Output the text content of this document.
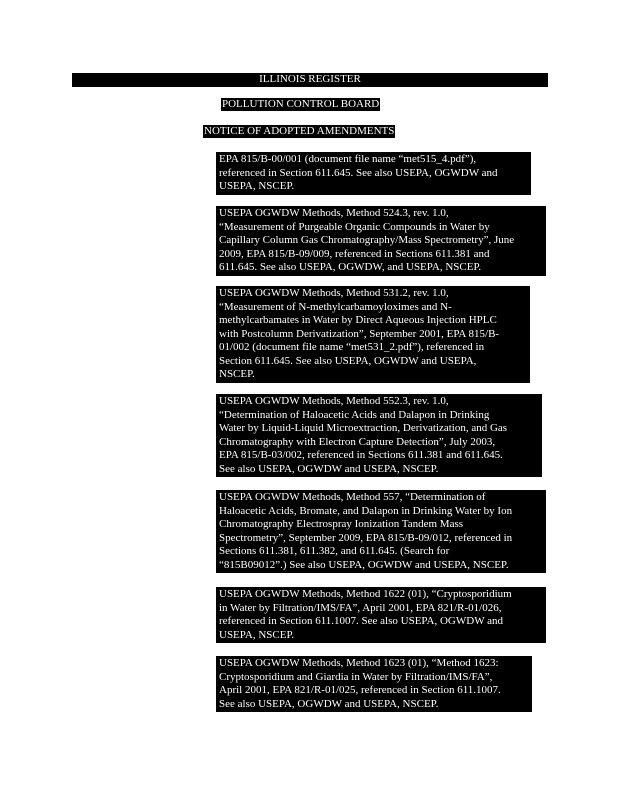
ILLINOIS REGISTER
POLLUTION CONTROL BOARD
NOTICE OF ADOPTED AMENDMENTS
EPA 815/B-00/001 (document file name “met515_4.pdf”),
referenced in Section 611.645. See also USEPA, OGWDW and
USEPA, NSCEP.
USEPA OGWDW Methods, Method 524.3, rev. 1.0,
“Measurement of Purgeable Organic Compounds in Water by
Capillary Column Gas Chromatography/Mass Spectrometry”, June
2009, EPA 815/B-09/009, referenced in Sections 611.381 and
611.645. See also USEPA, OGWDW, and USEPA, NSCEP.
USEPA OGWDW Methods, Method 531.2, rev. 1.0,
“Measurement of N-methylcarbamoyloximes and N-
methylcarbamates in Water by Direct Aqueous Injection HPLC
with Postcolumn Derivatization”, September 2001, EPA 815/B-
01/002 (document file name “met531_2.pdf”), referenced in
Section 611.645. See also USEPA, OGWDW and USEPA,
NSCEP.
USEPA OGWDW Methods, Method 552.3, rev. 1.0,
“Determination of Haloacetic Acids and Dalapon in Drinking
Water by Liquid-Liquid Microextraction, Derivatization, and Gas
Chromatography with Electron Capture Detection”, July 2003,
EPA 815/B-03/002, referenced in Sections 611.381 and 611.645.
See also USEPA, OGWDW and USEPA, NSCEP.
USEPA OGWDW Methods, Method 557, “Determination of
Haloacetic Acids, Bromate, and Dalapon in Drinking Water by Ion
Chromatography Electrospray Ionization Tandem Mass
Spectrometry”, September 2009, EPA 815/B-09/012, referenced in
Sections 611.381, 611.382, and 611.645. (Search for
“815B09012”.) See also USEPA, OGWDW and USEPA, NSCEP.
USEPA OGWDW Methods, Method 1622 (01), “Cryptosporidium
in Water by Filtration/IMS/FA”, April 2001, EPA 821/R-01/026,
referenced in Section 611.1007. See also USEPA, OGWDW and
USEPA, NSCEP.
USEPA OGWDW Methods, Method 1623 (01), “Method 1623:
Cryptosporidium and Giardia in Water by Filtration/IMS/FA”,
April 2001, EPA 821/R-01/025, referenced in Section 611.1007.
See also USEPA, OGWDW and USEPA, NSCEP.
